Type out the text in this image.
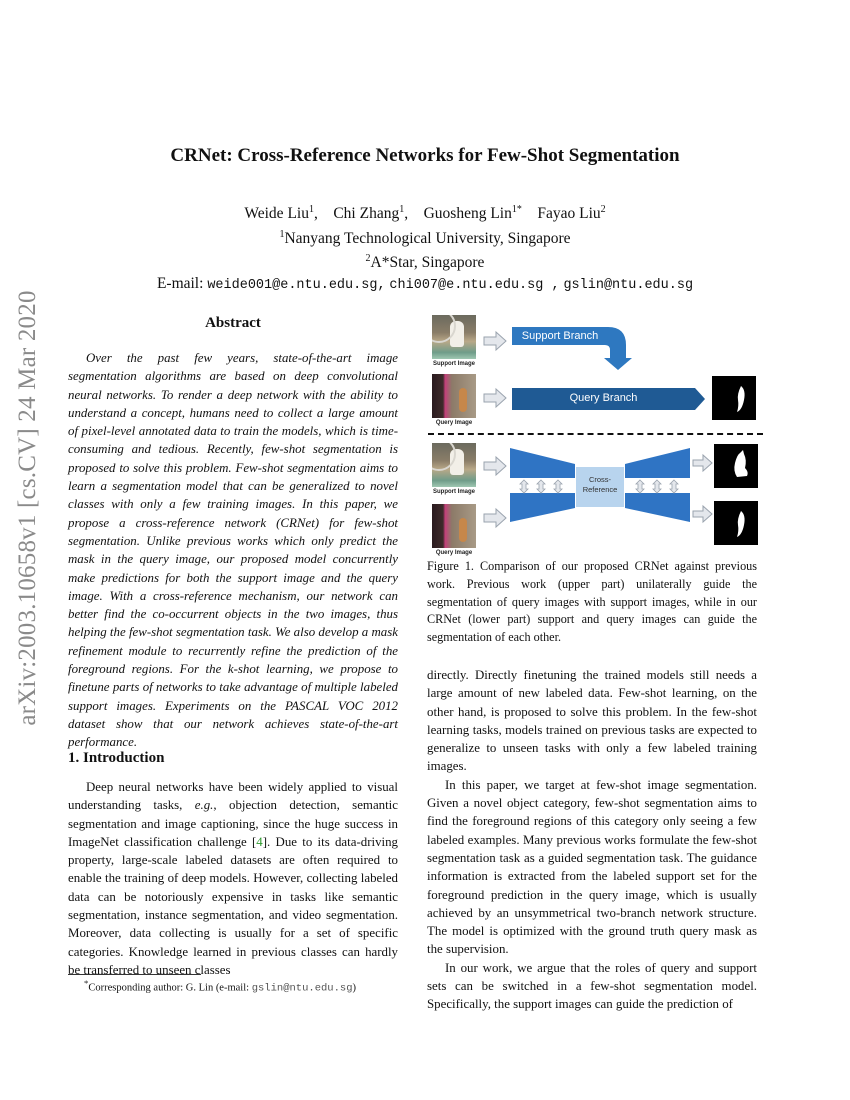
arXiv:2003.10658v1 [cs.CV] 24 Mar 2020
CRNet: Cross-Reference Networks for Few-Shot Segmentation
Weide Liu$^1$,    Chi Zhang$^1$,    Guosheng Lin$^{1*}$ Fayao Liu$^2$
$^1$Nanyang Technological University, Singapore
$^2$A*Star, Singapore
E-mail: weide001@e.ntu.edu.sg, chi007@e.ntu.edu.sg , gslin@ntu.edu.sg
Abstract

Over the past few years, state-of-the-art image segmentation algorithms are based on deep convolutional neural networks. To render a deep network with the ability to understand a concept, humans need to collect a large amount of pixel-level annotated data to train the models, which is time-consuming and tedious. Recently, few-shot segmentation is proposed to solve this problem. Few-shot segmentation aims to learn a segmentation model that can be generalized to novel classes with only a few training images. In this paper, we propose a cross-reference network (CRNet) for few-shot segmentation. Unlike previous works which only predict the mask in the query image, our proposed model concurrently make predictions for both the support image and the query image. With a cross-reference mechanism, our network can better find the co-occurrent objects in the two images, thus helping the few-shot segmentation task. We also develop a mask refinement module to recurrently refine the prediction of the foreground regions. For the k-shot learning, we propose to finetune parts of networks to take advantage of multiple labeled support images. Experiments on the PASCAL VOC 2012 dataset show that our network achieves state-of-the-art performance.

1. Introduction

Deep neural networks have been widely applied to visual understanding tasks, e.g., objection detection, semantic segmentation and image captioning, since the huge success in ImageNet classification challenge [4]. Due to its data-driving property, large-scale labeled datasets are often required to enable the training of deep models. However, collecting labeled data can be notoriously expensive in tasks like semantic segmentation, instance segmentation, and video segmentation. Moreover, data collecting is usually for a set of specific categories. Knowledge learned in previous classes can hardly be transferred to unseen classes

*Corresponding author: G. Lin (e-mail: gslin@ntu.edu.sg)
Support Image
Query Image
Support Branch
Query Branch
Support Image
Query Image
Cross-
Reference
Figure 1. Comparison of our proposed CRNet against previous work. Previous work (upper part) unilaterally guide the segmentation of query images with support images, while in our CRNet (lower part) support and query images can guide the segmentation of each other.

directly. Directly finetuning the trained models still needs a large amount of new labeled data. Few-shot learning, on the other hand, is proposed to solve this problem. In the few-shot learning tasks, models trained on previous tasks are expected to generalize to unseen tasks with only a few labeled training images.

In this paper, we target at few-shot image segmentation. Given a novel object category, few-shot segmentation aims to find the foreground regions of this category only seeing a few labeled examples. Many previous works formulate the few-shot segmentation task as a guided segmentation task. The guidance information is extracted from the labeled support set for the foreground prediction in the query image, which is usually achieved by an unsymmetrical two-branch network structure. The model is optimized with the ground truth query mask as the supervision.

In our work, we argue that the roles of query and support sets can be switched in a few-shot segmentation model. Specifically, the support images can guide the prediction of
